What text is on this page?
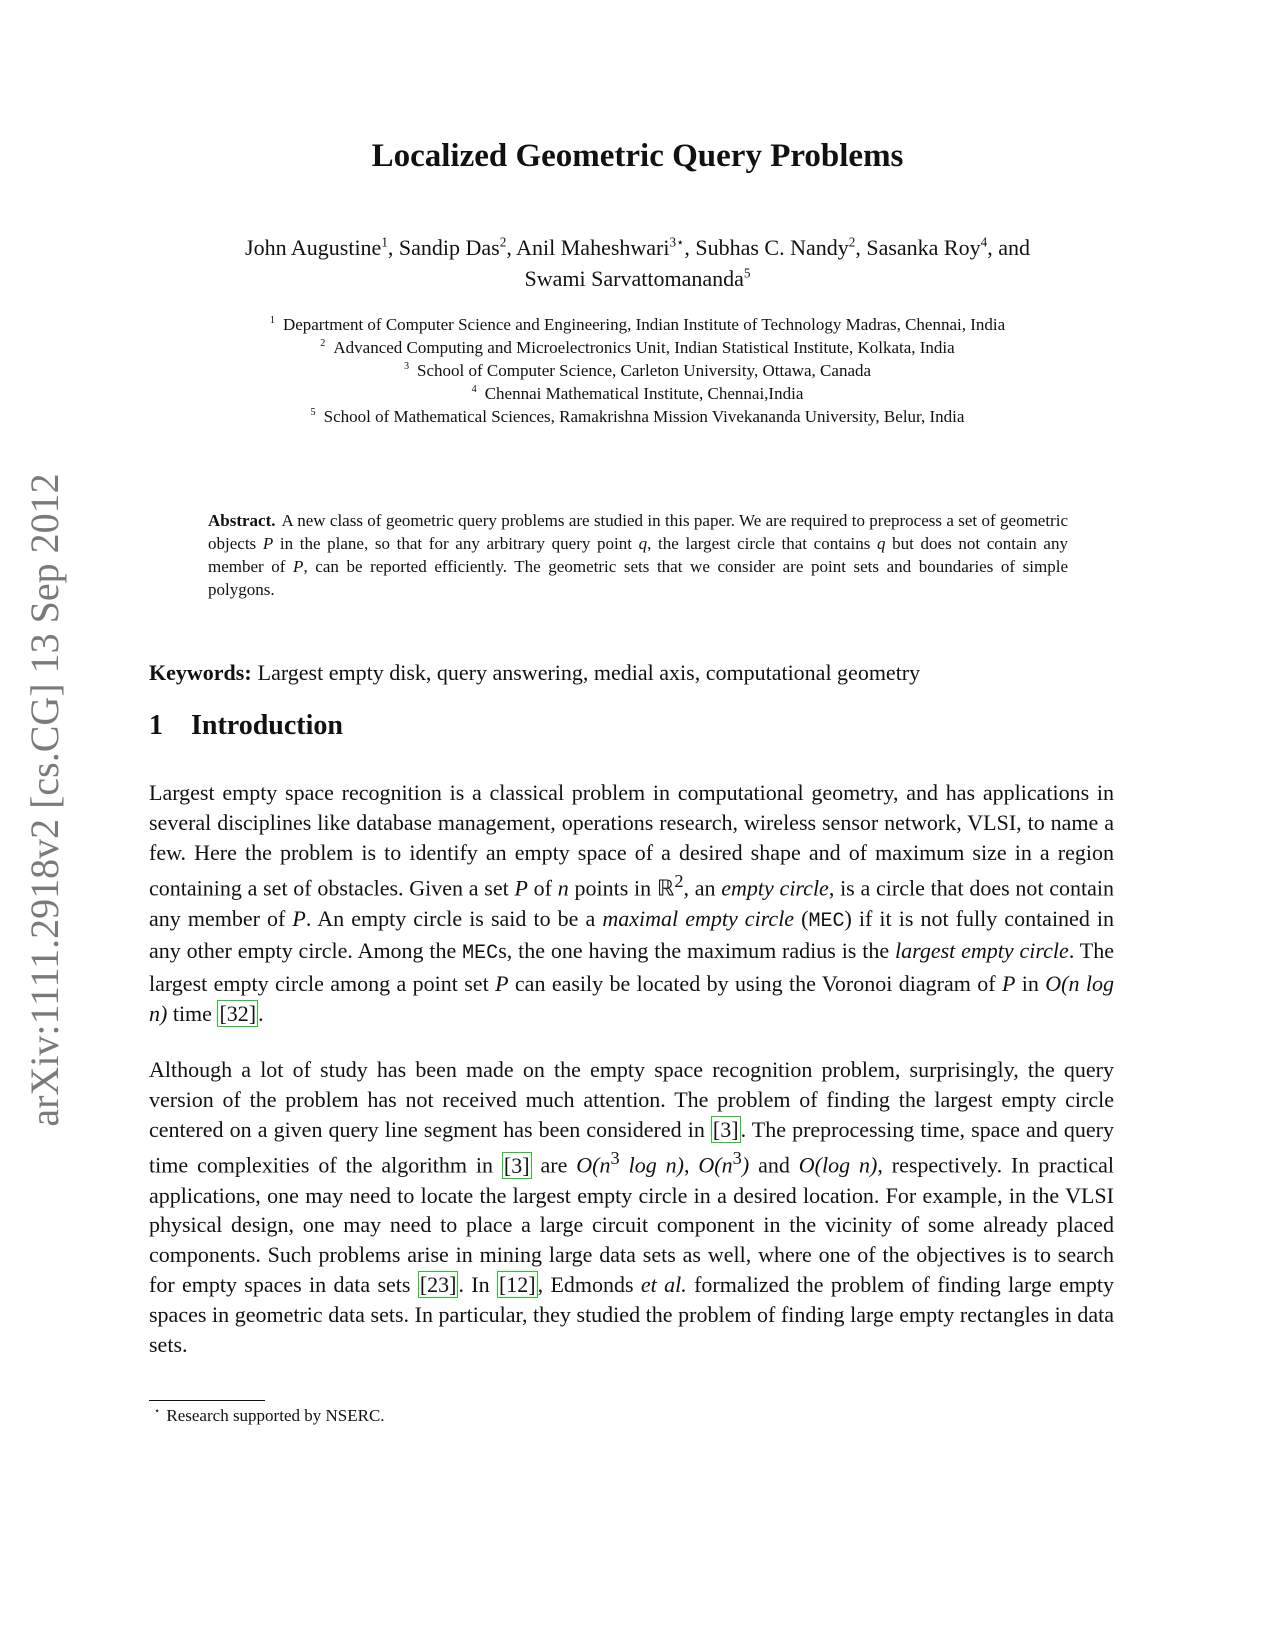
arXiv:1111.2918v2 [cs.CG] 13 Sep 2012
Localized Geometric Query Problems
John Augustine$^1$, Sandip Das$^2$, Anil Maheshwari$^{3⋆}$, Subhas C. Nandy$^2$, Sasanka Roy$^4$, and
Swami Sarvattomananda$^5$
$^1$ Department of Computer Science and Engineering, Indian Institute of Technology Madras, Chennai, India
$^2$ Advanced Computing and Microelectronics Unit, Indian Statistical Institute, Kolkata, India
$^3$ School of Computer Science, Carleton University, Ottawa, Canada
$^4$ Chennai Mathematical Institute, Chennai,India
$^5$ School of Mathematical Sciences, Ramakrishna Mission Vivekananda University, Belur, India
Abstract. A new class of geometric query problems are studied in this paper. We are required to preprocess a set of geometric objects P in the plane, so that for any arbitrary query point q, the largest circle that contains q but does not contain any member of P, can be reported efficiently. The geometric sets that we consider are point sets and boundaries of simple polygons.
Keywords: Largest empty disk, query answering, medial axis, computational geometry
1 Introduction
Largest empty space recognition is a classical problem in computational geometry, and has applications in several disciplines like database management, operations research, wireless sensor network, VLSI, to name a few. Here the problem is to identify an empty space of a desired shape and of maximum size in a region containing a set of obstacles. Given a set P of n points in ℝ$^2$, an empty circle, is a circle that does not contain any member of P. An empty circle is said to be a maximal empty circle (MEC) if it is not fully contained in any other empty circle. Among the MECs, the one having the maximum radius is the largest empty circle. The largest empty circle among a point set P can easily be located by using the Voronoi diagram of P in O(n log n) time [32].
Although a lot of study has been made on the empty space recognition problem, surprisingly, the query version of the problem has not received much attention. The problem of finding the largest empty circle centered on a given query line segment has been considered in [3]. The preprocessing time, space and query time complexities of the algorithm in [3] are $O(n^3$ log n), $O(n^3)$ and O(log n), respectively. In practical applications, one may need to locate the largest empty circle in a desired location. For example, in the VLSI physical design, one may need to place a large circuit component in the vicinity of some already placed components. Such problems arise in mining large data sets as well, where one of the objectives is to search for empty spaces in data sets [23]. In [12], Edmonds et al. formalized the problem of finding large empty spaces in geometric data sets. In particular, they studied the problem of finding large empty rectangles in data sets.
⋆ Research supported by NSERC.
